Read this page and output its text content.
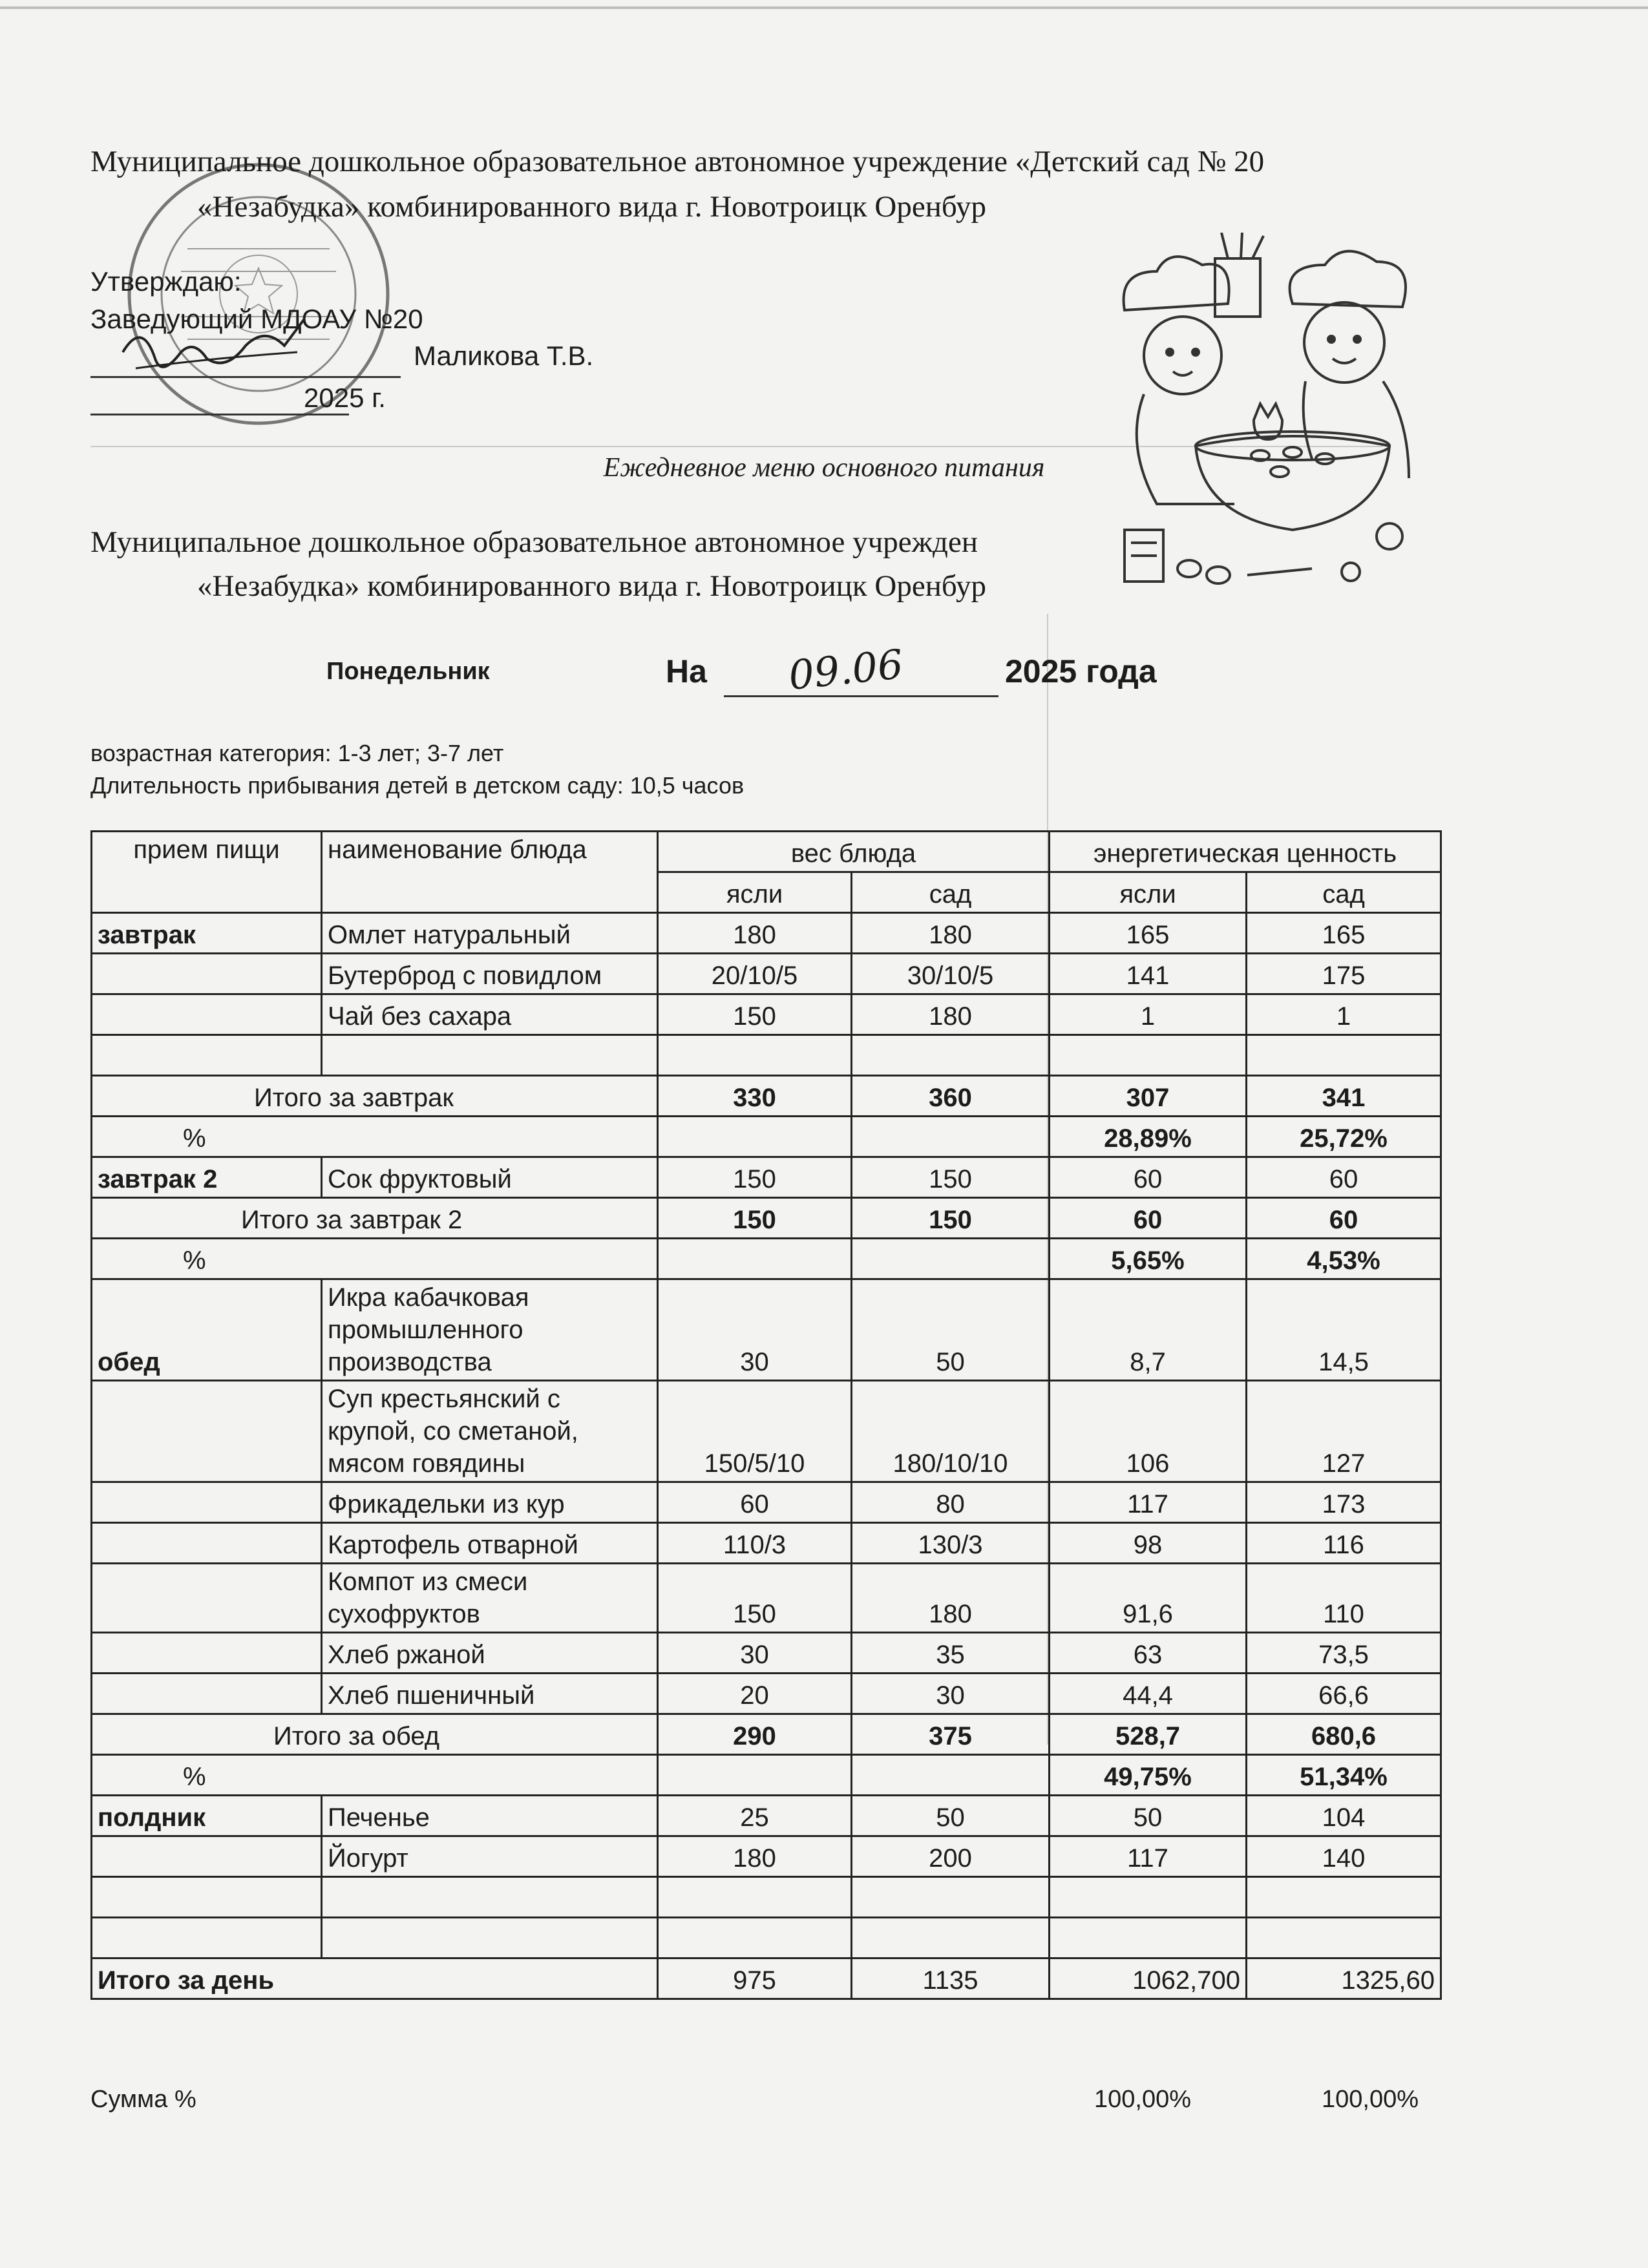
Муниципальное дошкольное образовательное автономное учреждение «Детский сад № 20
«Незабудка» комбинированного вида г. Новотроицк Оренбур
Утверждаю:
Заведующий МДОАУ №20
Маликова Т.В.
2025 г.
Ежедневное меню основного питания
Муниципальное дошкольное образовательное автономное учрежден
«Незабудка» комбинированного вида г. Новотроицк Оренбур
Понедельник	На 09.06	2025 года
возрастная категория: 1-3 лет; 3-7 лет
Длительность прибывания детей в детском саду: 10,5 часов
прием пищи	наименование блюда	вес блюда		энергетическая ценность	
		ясли	сад	ясли	сад
завтрак	Омлет натуральный	180	180	165	165
	Бутерброд с повидлом	20/10/5	30/10/5	141	175
	Чай без сахара	150	180	1	1

Итого за завтрак		330	360	307	341
%				28,89%	25,72%
завтрак 2	Сок фруктовый	150	150	60	60
Итого за завтрак 2		150	150	60	60
%				5,65%	4,53%
обед	Икра кабачковая промышленного производства	30	50	8,7	14,5
	Суп крестьянский с крупой, со сметаной, мясом говядины	150/5/10	180/10/10	106	127
	Фрикадельки из кур	60	80	117	173
	Картофель отварной	110/3	130/3	98	116
	Компот из смеси сухофруктов	150	180	91,6	110
	Хлеб ржаной	30	35	63	73,5
	Хлеб пшеничный	20	30	44,4	66,6
Итого за обед		290	375	528,7	680,6
%				49,75%	51,34%
полдник	Печенье	25	50	50	104
	Йогурт	180	200	117	140

Итого за день		975	1135	1062,700	1325,60
Сумма %	100,00%	100,00%
